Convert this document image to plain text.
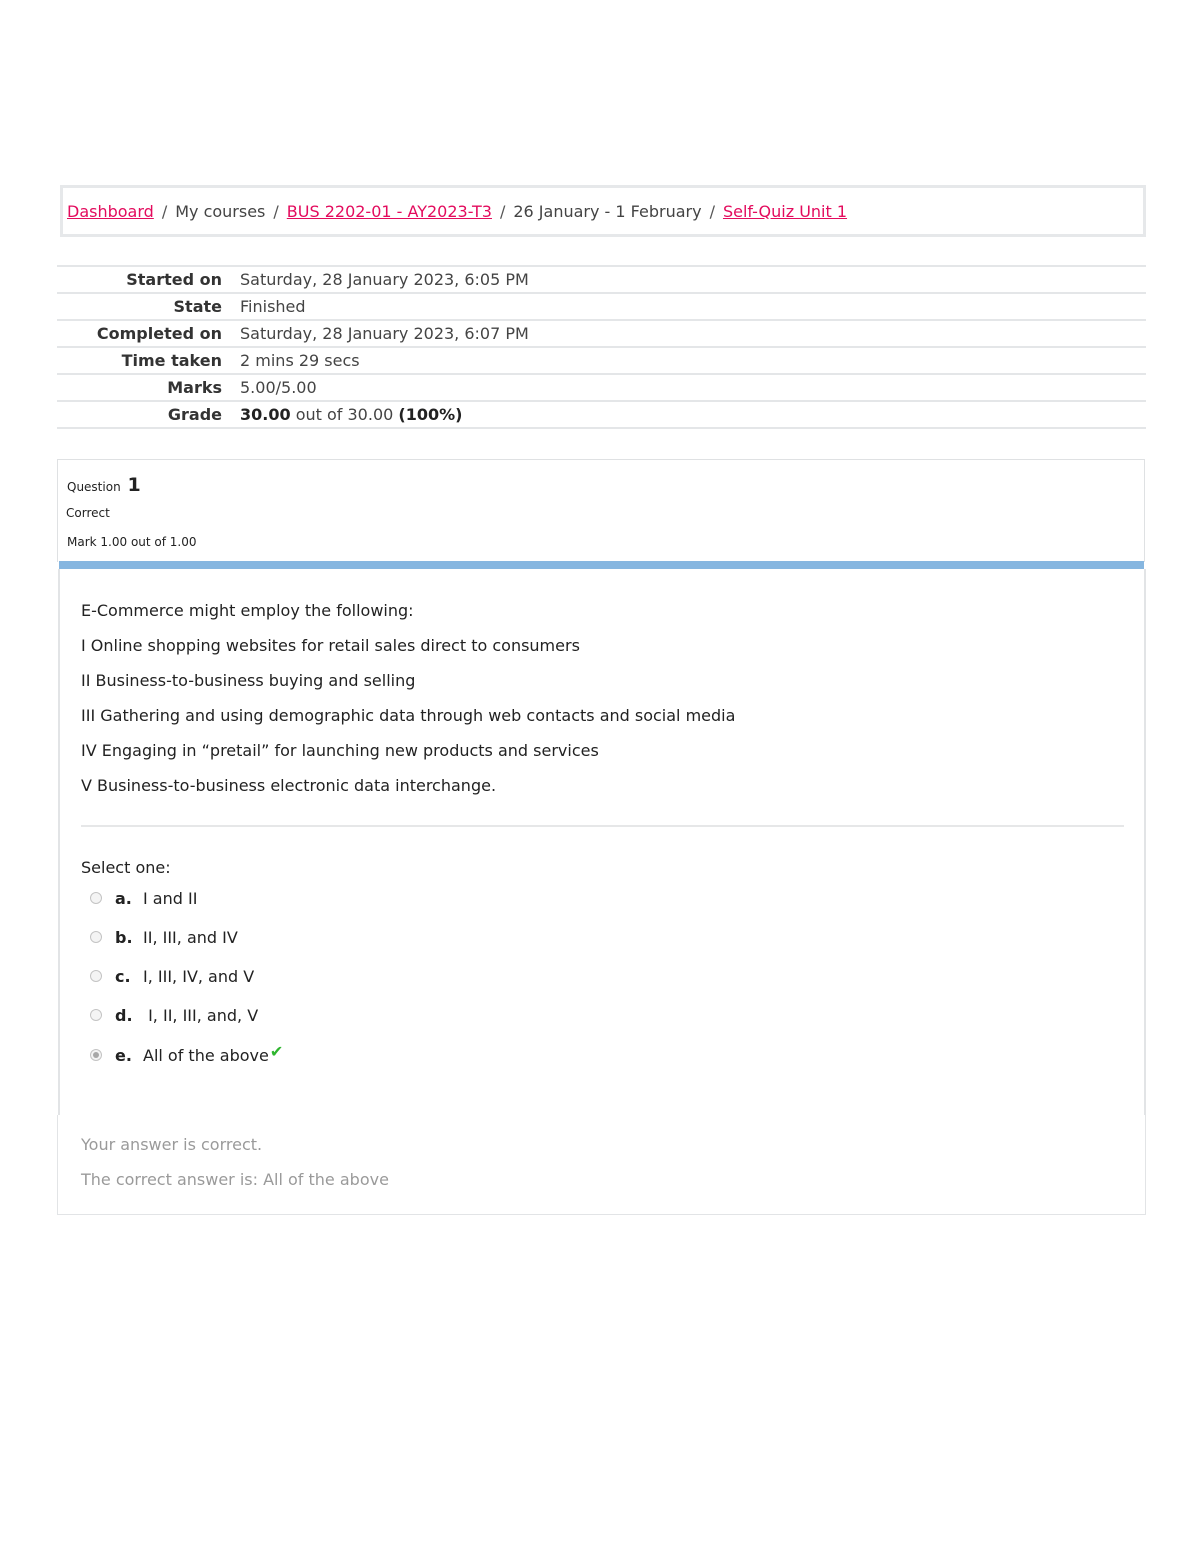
Dashboard / My courses / BUS 2202-01 - AY2023-T3 / 26 January - 1 February / Self-Quiz Unit 1
Started on	Saturday, 28 January 2023, 6:05 PM
State	Finished
Completed on	Saturday, 28 January 2023, 6:07 PM
Time taken	2 mins 29 secs
Marks	5.00/5.00
Grade	30.00 out of 30.00 (100%)
Question 1
Correct
Mark 1.00 out of 1.00

E-Commerce might employ the following:

I Online shopping websites for retail sales direct to consumers

II Business-to-business buying and selling

III Gathering and using demographic data through web contacts and social media

IV Engaging in “pretail” for launching new products and services

V Business-to-business electronic data interchange.

Select one:
a. I and II
b. II, III, and IV
c. I, III, IV, and V
d. I, II, III, and, V
e. All of the above ✔
Your answer is correct.
The correct answer is: All of the above
